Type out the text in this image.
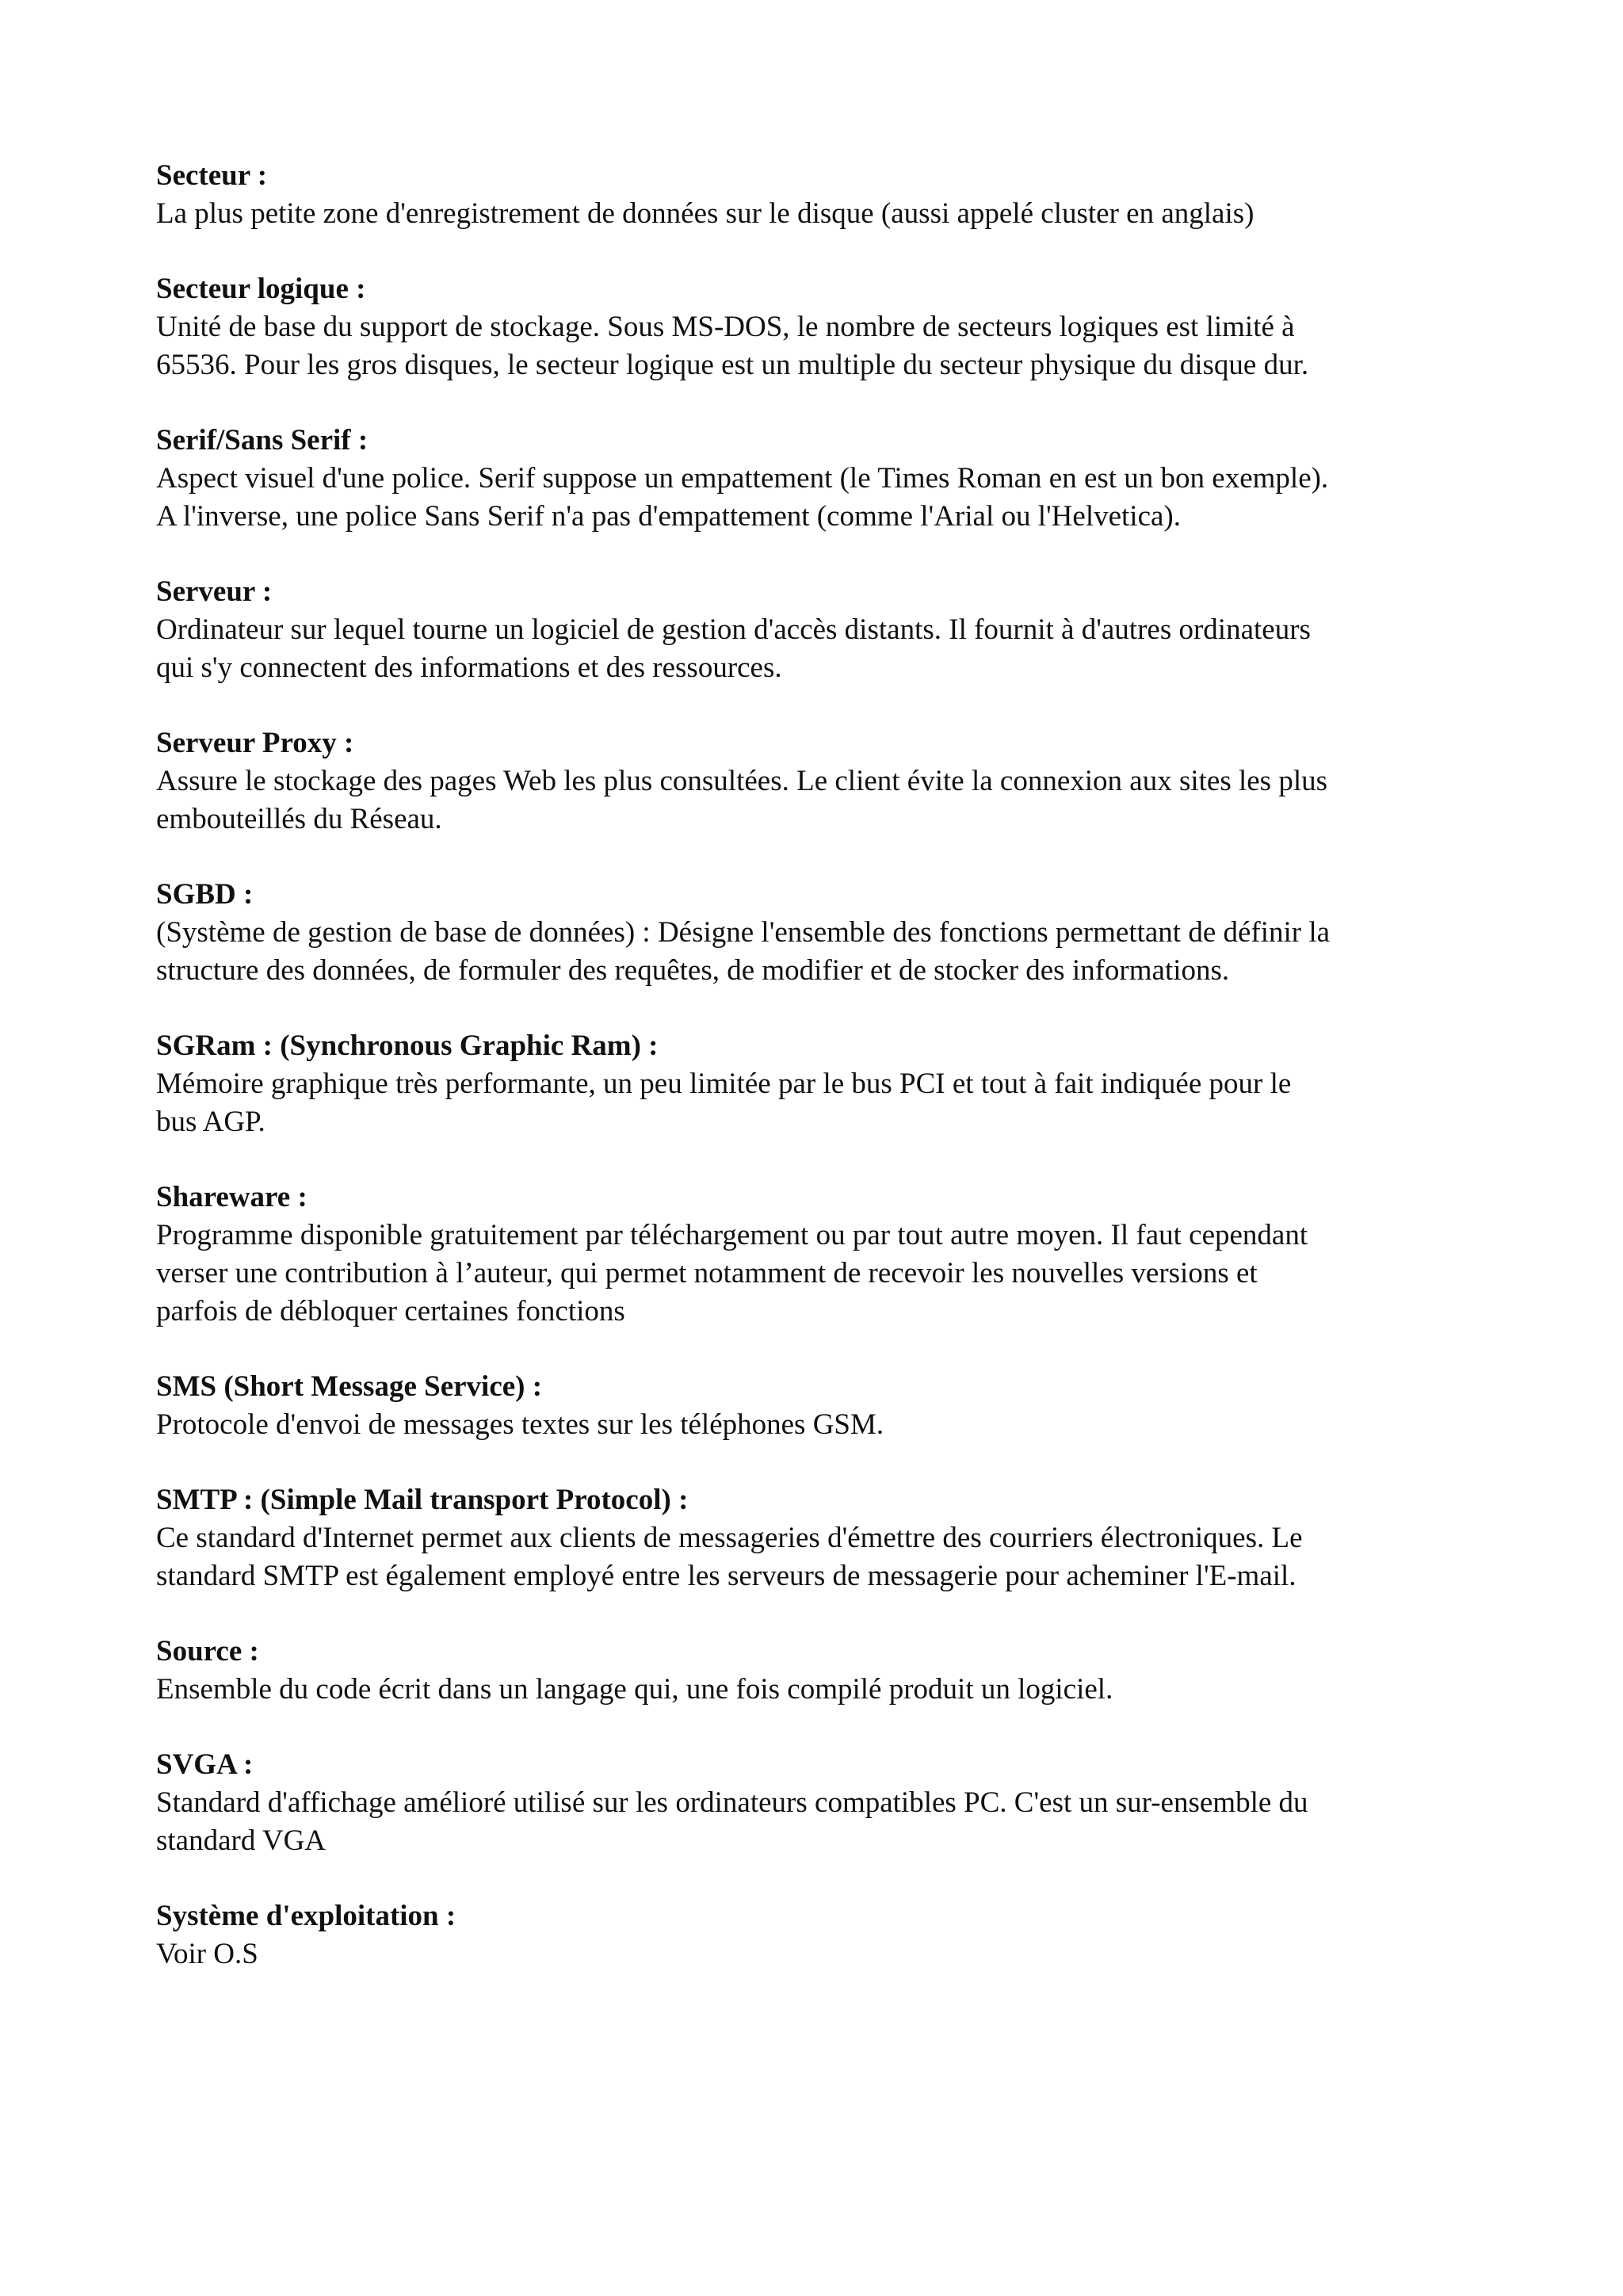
Secteur :
La plus petite zone d'enregistrement de données sur le disque (aussi appelé cluster en anglais)
Secteur logique :
Unité de base du support de stockage. Sous MS-DOS, le nombre de secteurs logiques est limité à
65536. Pour les gros disques, le secteur logique est un multiple du secteur physique du disque dur.
Serif/Sans Serif :
Aspect visuel d'une police. Serif suppose un empattement (le Times Roman en est un bon exemple).
A l'inverse, une police Sans Serif n'a pas d'empattement (comme l'Arial ou l'Helvetica).
Serveur :
Ordinateur sur lequel tourne un logiciel de gestion d'accès distants. Il fournit à d'autres ordinateurs
qui s'y connectent des informations et des ressources.
Serveur Proxy :
Assure le stockage des pages Web les plus consultées. Le client évite la connexion aux sites les plus
embouteillés du Réseau.
SGBD :
(Système de gestion de base de données) : Désigne l'ensemble des fonctions permettant de définir la
structure des données, de formuler des requêtes, de modifier et de stocker des informations.
SGRam : (Synchronous Graphic Ram) :
Mémoire graphique très performante, un peu limitée par le bus PCI et tout à fait indiquée pour le
bus AGP.
Shareware :
Programme disponible gratuitement par téléchargement ou par tout autre moyen. Il faut cependant
verser une contribution à l’auteur, qui permet notamment de recevoir les nouvelles versions et
parfois de débloquer certaines fonctions
SMS (Short Message Service) :
Protocole d'envoi de messages textes sur les téléphones GSM.
SMTP : (Simple Mail transport Protocol) :
Ce standard d'Internet permet aux clients de messageries d'émettre des courriers électroniques. Le
standard SMTP est également employé entre les serveurs de messagerie pour acheminer l'E-mail.
Source :
Ensemble du code écrit dans un langage qui, une fois compilé produit un logiciel.
SVGA :
Standard d'affichage amélioré utilisé sur les ordinateurs compatibles PC. C'est un sur-ensemble du
standard VGA
Système d'exploitation :
Voir O.S
